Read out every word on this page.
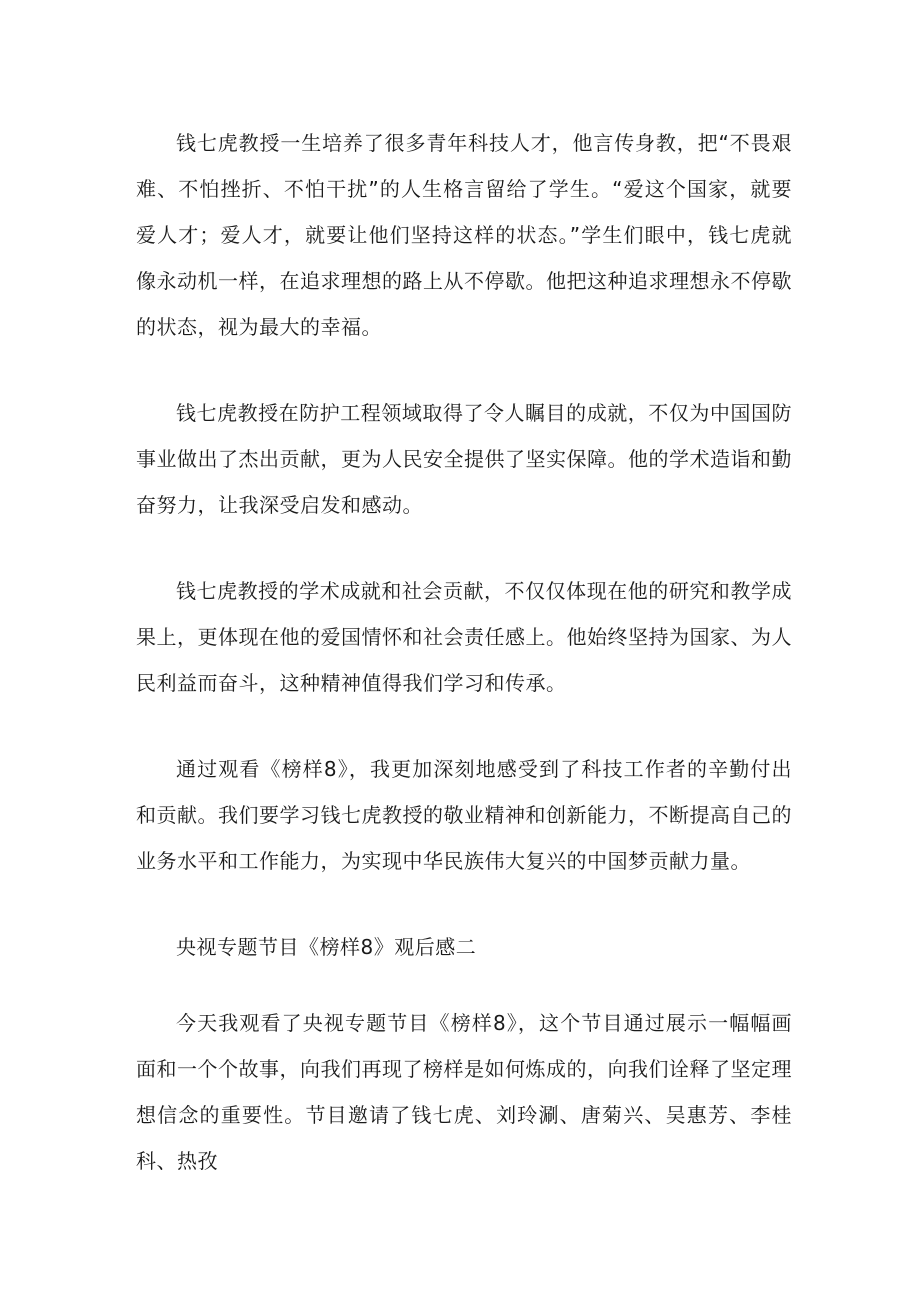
钱七虎教授一生培养了很多青年科技人才，他言传身教，把“不畏艰难、不怕挫折、不怕干扰”的人生格言留给了学生。“爱这个国家，就要爱人才；爱人才，就要让他们坚持这样的状态。”学生们眼中，钱七虎就像永动机一样，在追求理想的路上从不停歇。他把这种追求理想永不停歇的状态，视为最大的幸福。

钱七虎教授在防护工程领域取得了令人瞩目的成就，不仅为中国国防事业做出了杰出贡献，更为人民安全提供了坚实保障。他的学术造诣和勤奋努力，让我深受启发和感动。

钱七虎教授的学术成就和社会贡献，不仅仅体现在他的研究和教学成果上，更体现在他的爱国情怀和社会责任感上。他始终坚持为国家、为人民利益而奋斗，这种精神值得我们学习和传承。

通过观看《榜样8》，我更加深刻地感受到了科技工作者的辛勤付出和贡献。我们要学习钱七虎教授的敬业精神和创新能力，不断提高自己的业务水平和工作能力，为实现中华民族伟大复兴的中国梦贡献力量。

央视专题节目《榜样8》观后感二

今天我观看了央视专题节目《榜样8》，这个节目通过展示一幅幅画面和一个个故事，向我们再现了榜样是如何炼成的，向我们诠释了坚定理想信念的重要性。节目邀请了钱七虎、刘玲涮、唐菊兴、吴惠芳、李桂科、热孜
